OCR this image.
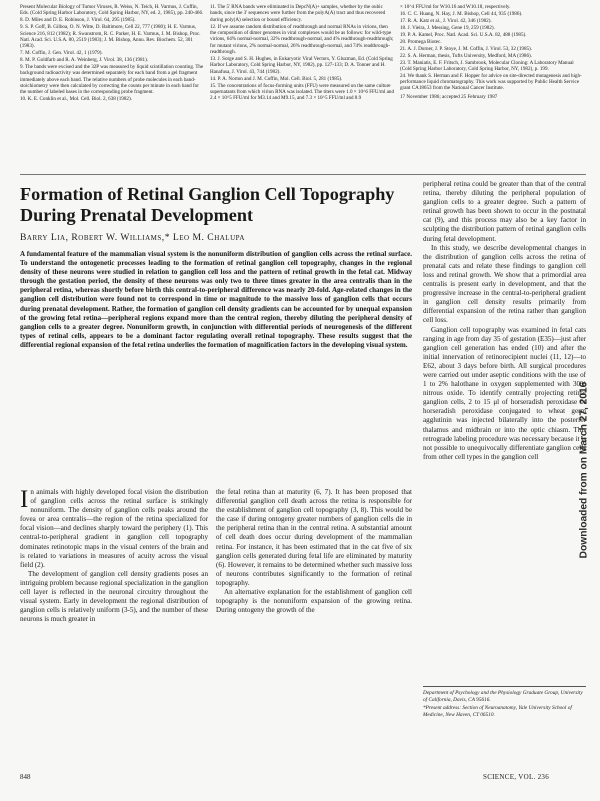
Present Molecular Biology of Tumor Viruses, R. Weiss, N. Teich, H. Varmus, J. Coffin, Eds. (Cold Spring Harbor Laboratory, Cold Spring Harbor, NY, ed. 2, 1985), pp. 240-466.

8. D. Miles and D. E. Robinson, J. Virol. 64, 295 (1985).

9. S. P. Goff, B. Gilboa, O. N. Witte, D. Baltimore, Cell 22, 777 (1980); H. E. Varmus, Science 216, 812 (1982); R. Swanstrom, R. C. Parker, H. E. Varmus, J. M. Bishop, Proc. Natl. Acad. Sci. U.S.A. 80, 2519 (1983); J. M. Bishop, Annu. Rev. Biochem. 52, 301 (1983).

7. M. Coffin, J. Gen. Virol. 42, 1 (1979).

8. M. P. Goldfarb and R. A. Weinberg, J. Virol. 38, 136 (1981).

9. The bands were excised and the 32P was measured by liquid scintillation counting. The background radioactivity was determined separately for each band from a gel fragment immediately above each band. The relative numbers of probe molecules in each band-stoichiometry were then calculated by correcting the counts per minute in each band for the number of labeled bases in the corresponding probe fragment.

10. K. E. Conklin et al., Mol. Cell. Biol. 2, 638 (1982).

11. The 5' RNA bands were eliminated in DepcN(A)+ samples, whether by the oubic bands, since the 3' sequences were further from the polyA(A) tract and thus recovered during poly(A) selection or bound efficiency.

12. If we assume random distribution of readthrough and normal RNAs in virions, then the composition of dimer genomes in viral complexes would be as follows: for wild-type virions, 64% normal-normal, 32% readthrough-normal, and 4% readthrough-readthrough; for mutant virions, 2% normal-normal, 26% readthrough-normal, and 74% readthrough-readthrough.

13. J. Sorge and S. H. Hughes, in Eukaryotic Viral Vectors, Y. Gluzman, Ed. (Cold Spring Harbor Laboratory, Cold Spring Harbor, NY, 1982), pp. 127-133; D. A. Tonner and H. Hanafusa, J. Virol. 43, 744 (1982).

14. P. A. Norton and J. M. Coffin, Mol. Cell. Biol. 5, 281 (1985).

15. The concentrations of focus-forming units (FFU) were measured on the same culture supernatants from which virion RNA was isolated. The titers were 1.0 × 10^6 FFU/ml and 2.4 × 10^5 FFU/ml for M3.14 and M9.15, and 7.3 × 10^5 FFU/ml and 8.9

× 10^4 FFU/ml for W10.16 and W10.18, respectively.

16. C. C. Huang, N. Hay, J. M. Bishop, Cell 44, 935 (1986).

17. R. A. Katz et al., J. Virol. 42, 346 (1982).

18. J. Vieira, J. Messing, Gene 19, 259 (1982).

19. P. A. Kamel, Proc. Natl. Acad. Sci. U.S.A. 82, 488 (1985).

20. Promega Biotec.

21. A. J. Dorner, J. P. Stoye, J. M. Coffin, J. Virol. 53, 32 (1985).

22. S. A. Herman, thesis, Tufts University, Medford, MA (1986).

23. T. Maniatis, E. F. Fritsch, J. Sambrook, Molecular Cloning: A Laboratory Manual (Cold Spring Harbor Laboratory, Cold Spring Harbor, NY, 1982), p. 199.

24. We thank S. Herman and F. Hopper for advice on site-directed mutagenesis and high-performance liquid chromatography. This work was supported by Public Health Service grant CA18653 from the National Cancer Institute.

17 November 1986; accepted 25 February 1987
Formation of Retinal Ganglion Cell Topography During Prenatal Development
Barry Lia, Robert W. Williams,* Leo M. Chalupa

A fundamental feature of the mammalian visual system is the nonuniform distribution of ganglion cells across the retinal surface. To understand the ontogenetic processes leading to the formation of retinal ganglion cell topography, changes in the regional density of these neurons were studied in relation to ganglion cell loss and the pattern of retinal growth in the fetal cat. Midway through the gestation period, the density of these neurons was only two to three times greater in the area centralis than in the peripheral retina, whereas shortly before birth this central-to-peripheral difference was nearly 20-fold. Age-related changes in the ganglion cell distribution were found not to correspond in time or magnitude to the massive loss of ganglion cells that occurs during prenatal development. Rather, the formation of ganglion cell density gradients can be accounted for by unequal expansion of the growing fetal retina—peripheral regions expand more than the central region, thereby diluting the peripheral density of ganglion cells to a greater degree. Nonuniform growth, in conjunction with differential periods of neurogenesis of the different types of retinal cells, appears to be a dominant factor regulating overall retinal topography. These results suggest that the differential regional expansion of the fetal retina underlies the formation of magnification factors in the developing visual system.

In animals with highly developed focal vision the distribution of ganglion cells across the retinal surface is strikingly nonuniform. The density of ganglion cells peaks around the fovea or area centralis—the region of the retina specialized for focal vision—and declines sharply toward the periphery (1). This central-to-peripheral gradient in ganglion cell topography dominates retinotopic maps in the visual centers of the brain and is related to variations in measures of acuity across the visual field (2).

The development of ganglion cell density gradients poses an intriguing problem because regional specialization in the ganglion cell layer is reflected in the neuronal circuitry throughout the visual system. Early in development the regional distribution of ganglion cells is relatively uniform (3-5), and the number of these neurons is much greater in

the fetal retina than at maturity (6, 7). It has been proposed that differential ganglion cell death across the retina is responsible for the establishment of ganglion cell topography (3, 8). This would be the case if during ontogeny greater numbers of ganglion cells die in the peripheral retina than in the central retina. A substantial amount of cell death does occur during development of the mammalian retina. For instance, it has been estimated that in the cat five of six ganglion cells generated during fetal life are eliminated by maturity (6). However, it remains to be determined whether such massive loss of neurons contributes significantly to the formation of retinal topography.

An alternative explanation for the establishment of ganglion cell topography is the nonuniform expansion of the growing retina. During ontogeny the growth of the

peripheral retina could be greater than that of the central retina, thereby diluting the peripheral population of ganglion cells to a greater degree. Such a pattern of retinal growth has been shown to occur in the postnatal cat (9), and this process may also be a key factor in sculpting the distribution pattern of retinal ganglion cells during fetal development.

In this study, we describe developmental changes in the distribution of ganglion cells across the retina of prenatal cats and relate these findings to ganglion cell loss and retinal growth. We show that a primordial area centralis is present early in development, and that the progressive increase in the central-to-peripheral gradient in ganglion cell density results primarily from differential expansion of the retina rather than ganglion cell loss.

Ganglion cell topography was examined in fetal cats ranging in age from day 35 of gestation (E35)—just after ganglion cell generation has ended (10) and after the initial innervation of retinorecipient nuclei (11, 12)—to E62, about 3 days before birth. All surgical procedures were carried out under aseptic conditions with the use of 1 to 2% halothane in oxygen supplemented with 30% nitrous oxide. To identify centrally projecting retinal ganglion cells, 2 to 15 μl of horseradish peroxidase or horseradish peroxidase conjugated to wheat germ agglutinin was injected bilaterally into the posterior thalamus and midbrain or into the optic chiasm. This retrograde labeling procedure was necessary because it is not possible to unequivocally differentiate ganglion cells from other cell types in the ganglion cell

Department of Psychology and the Physiology Graduate Group, University of California, Davis, CA 95616.

*Present address: Section of Neuroanatomy, Yale University School of Medicine, New Haven, CT 06510.

848	SCIENCE, VOL. 236
Downloaded from on March 27, 2016
